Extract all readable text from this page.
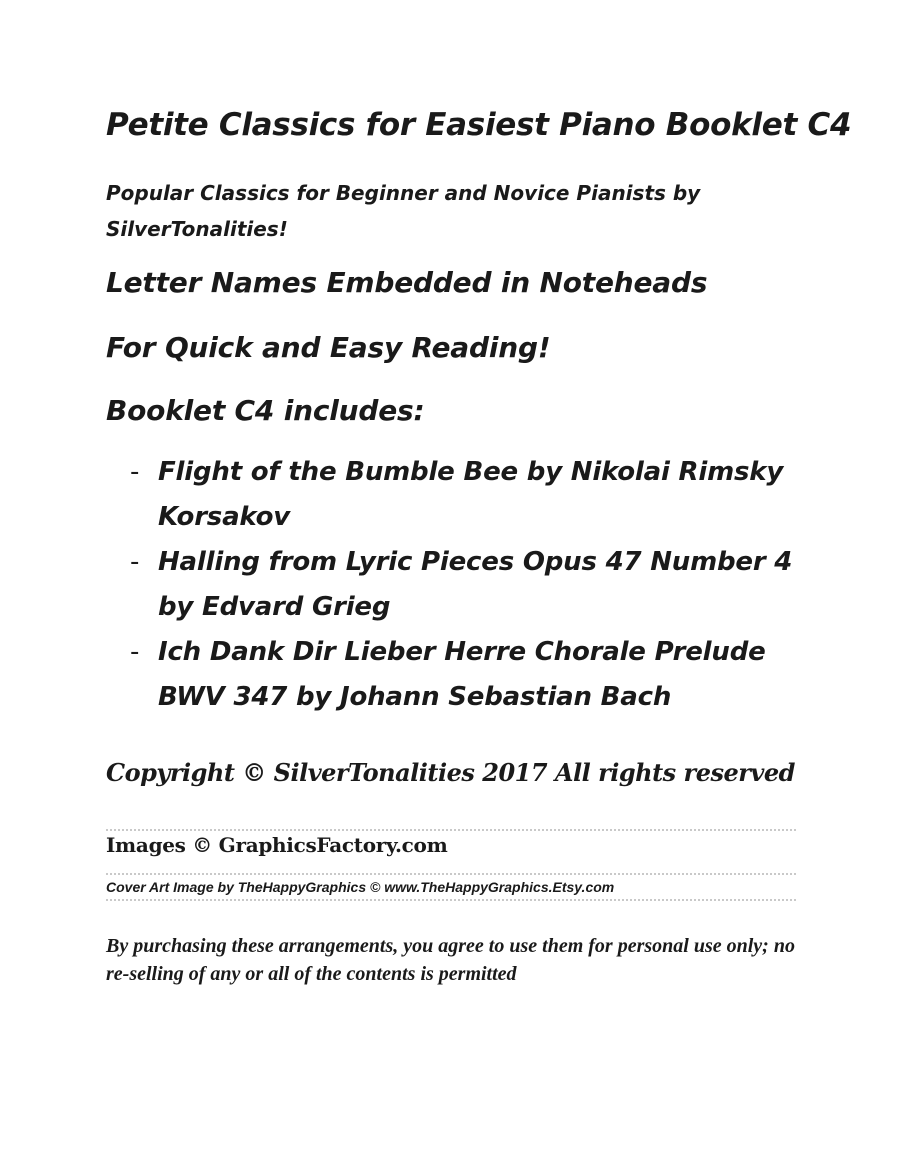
Petite Classics for Easiest Piano Booklet C4
Popular Classics for Beginner and Novice Pianists by SilverTonalities!
Letter Names Embedded in Noteheads
For Quick and Easy Reading!
Booklet C4 includes:
- Flight of the Bumble Bee by Nikolai Rimsky Korsakov
- Halling from Lyric Pieces Opus 47 Number 4 by Edvard Grieg
- Ich Dank Dir Lieber Herre Chorale Prelude BWV 347 by Johann Sebastian Bach
Copyright © SilverTonalities 2017 All rights reserved
Images © GraphicsFactory.com
Cover Art Image by TheHappyGraphics © www.TheHappyGraphics.Etsy.com
By purchasing these arrangements, you agree to use them for personal use only; no re-selling of any or all of the contents is permitted
